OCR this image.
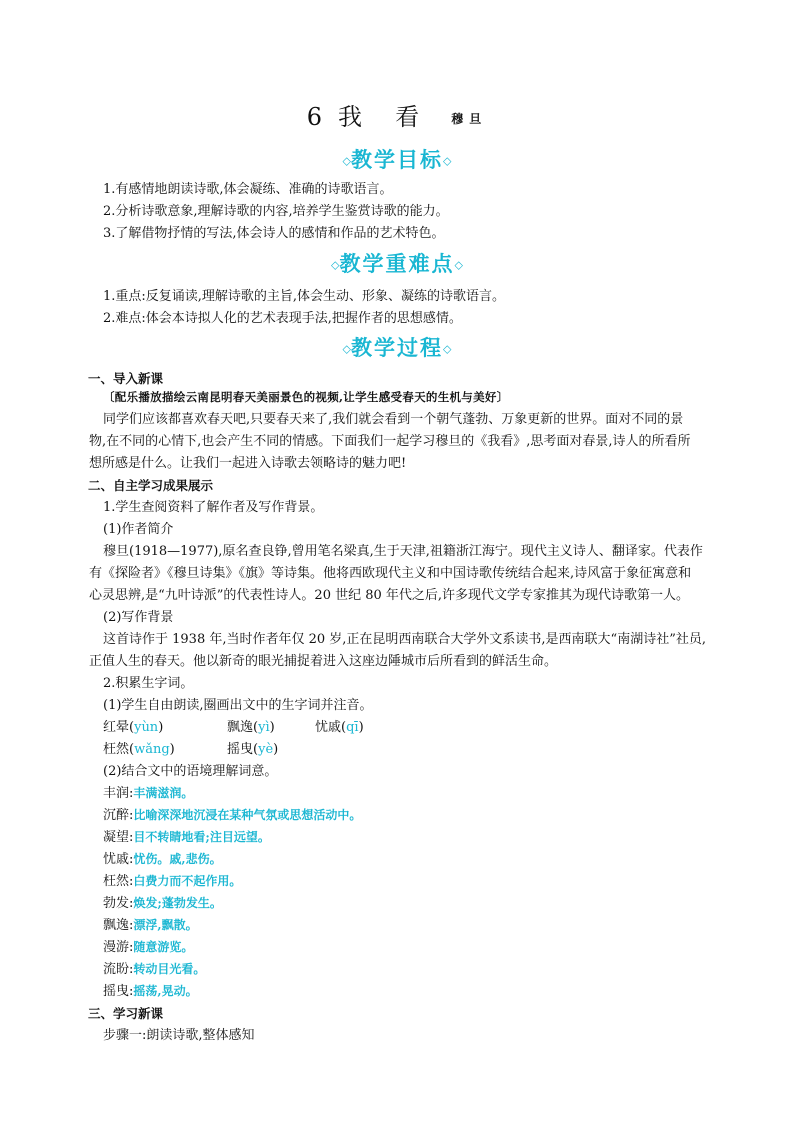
6 我  看 穆旦
◇教学目标◇
1.有感情地朗读诗歌,体会凝练、准确的诗歌语言。
2.分析诗歌意象,理解诗歌的内容,培养学生鉴赏诗歌的能力。
3.了解借物抒情的写法,体会诗人的感情和作品的艺术特色。
◇教学重难点◇
1.重点:反复诵读,理解诗歌的主旨,体会生动、形象、凝练的诗歌语言。
2.难点:体会本诗拟人化的艺术表现手法,把握作者的思想感情。
◇教学过程◇
一、导入新课
〔配乐播放描绘云南昆明春天美丽景色的视频,让学生感受春天的生机与美好〕
同学们应该都喜欢春天吧,只要春天来了,我们就会看到一个朝气蓬勃、万象更新的世界。面对不同的景
物,在不同的心情下,也会产生不同的情感。下面我们一起学习穆旦的《我看》,思考面对春景,诗人的所看所
想所感是什么。让我们一起进入诗歌去领略诗的魅力吧!
二、自主学习成果展示
1.学生查阅资料了解作者及写作背景。
(1)作者简介
穆旦(1918—1977),原名查良铮,曾用笔名梁真,生于天津,祖籍浙江海宁。现代主义诗人、翻译家。代表作
有《探险者》《穆旦诗集》《旗》等诗集。他将西欧现代主义和中国诗歌传统结合起来,诗风富于象征寓意和
心灵思辨,是“九叶诗派”的代表性诗人。20 世纪 80 年代之后,许多现代文学专家推其为现代诗歌第一人。
(2)写作背景
这首诗作于 1938 年,当时作者年仅 20 岁,正在昆明西南联合大学外文系读书,是西南联大“南湖诗社”社员,
正值人生的春天。他以新奇的眼光捕捉着进入这座边陲城市后所看到的鲜活生命。
2.积累生字词。
(1)学生自由朗读,圈画出文中的生字词并注音。
红晕(yùn)	飘逸(yì)	忧戚(qī)
枉然(wǎng)	摇曳(yè)
(2)结合文中的语境理解词意。
丰润:丰满滋润。
沉醉:比喻深深地沉浸在某种气氛或思想活动中。
凝望:目不转睛地看;注目远望。
忧戚:忧伤。戚,悲伤。
枉然:白费力而不起作用。
勃发:焕发;蓬勃发生。
飘逸:漂浮,飘散。
漫游:随意游览。
流盼:转动目光看。
摇曳:摇荡,晃动。
三、学习新课
步骤一:朗读诗歌,整体感知
